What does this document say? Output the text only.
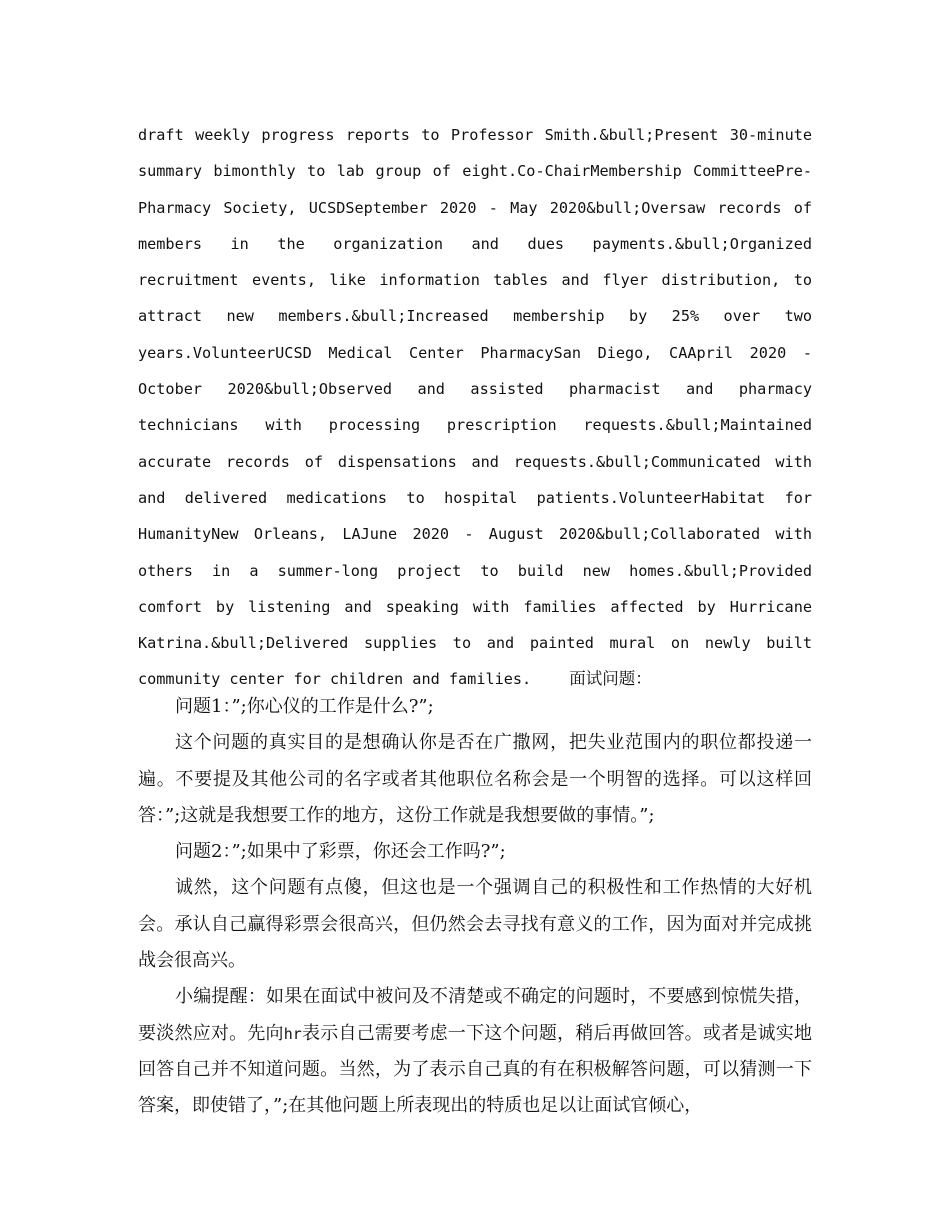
draft weekly progress reports to Professor Smith.&bull;Present 30-minute
summary bimonthly to lab group of eight.Co-ChairMembership CommitteePre-
Pharmacy Society, UCSDSeptember 2020 - May 2020&bull;Oversaw records of
members in the organization and dues payments.&bull;Organized
recruitment events, like information tables and flyer distribution, to
attract new members.&bull;Increased membership by 25% over two
years.VolunteerUCSD Medical Center PharmacySan Diego, CAApril 2020 -
October 2020&bull;Observed and assisted pharmacist and pharmacy
technicians with processing prescription requests.&bull;Maintained
accurate records of dispensations and requests.&bull;Communicated with
and delivered medications to hospital patients.VolunteerHabitat for
HumanityNew Orleans, LAJune 2020 - August 2020&bull;Collaborated with
others in a summer-long project to build new homes.&bull;Provided
comfort by listening and speaking with families affected by Hurricane
Katrina.&bull;Delivered supplies to and painted mural on newly built
community center for children and families. 面试问题：

问题1：”;你心仪的工作是什么?”;

这个问题的真实目的是想确认你是否在广撒网，把失业范围内的职位都投递一遍。不要提及其他公司的名字或者其他职位名称会是一个明智的选择。可以这样回答：”;这就是我想要工作的地方，这份工作就是我想要做的事情。”;

问题2：”;如果中了彩票，你还会工作吗?”;

诚然，这个问题有点傻，但这也是一个强调自己的积极性和工作热情的大好机会。承认自己赢得彩票会很高兴，但仍然会去寻找有意义的工作，因为面对并完成挑战会很高兴。

小编提醒：如果在面试中被问及不清楚或不确定的问题时，不要感到惊慌失措，要淡然应对。先向hr表示自己需要考虑一下这个问题，稍后再做回答。或者是诚实地回答自己并不知道问题。当然，为了表示自己真的有在积极解答问题，可以猜测一下答案，即使错了，”;在其他问题上所表现出的特质也足以让面试官倾心，
